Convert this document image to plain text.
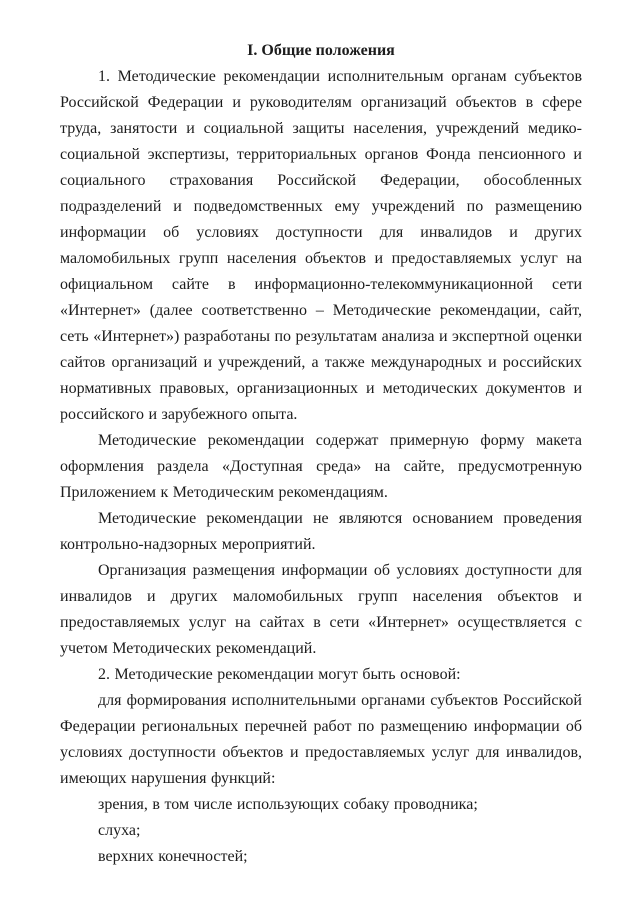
I. Общие положения

1. Методические рекомендации исполнительным органам субъектов Российской Федерации и руководителям организаций объектов в сфере труда, занятости и социальной защиты населения, учреждений медико-социальной экспертизы, территориальных органов Фонда пенсионного и социального страхования Российской Федерации, обособленных подразделений и подведомственных ему учреждений по размещению информации об условиях доступности для инвалидов и других маломобильных групп населения объектов и предоставляемых услуг на официальном сайте в информационно-телекоммуникационной сети «Интернет» (далее соответственно – Методические рекомендации, сайт, сеть «Интернет») разработаны по результатам анализа и экспертной оценки сайтов организаций и учреждений, а также международных и российских нормативных правовых, организационных и методических документов и российского и зарубежного опыта.

Методические рекомендации содержат примерную форму макета оформления раздела «Доступная среда» на сайте, предусмотренную Приложением к Методическим рекомендациям.

Методические рекомендации не являются основанием проведения контрольно-надзорных мероприятий.

Организация размещения информации об условиях доступности для инвалидов и других маломобильных групп населения объектов и предоставляемых услуг на сайтах в сети «Интернет» осуществляется с учетом Методических рекомендаций.

2. Методические рекомендации могут быть основой:

для формирования исполнительными органами субъектов Российской Федерации региональных перечней работ по размещению информации об условиях доступности объектов и предоставляемых услуг для инвалидов, имеющих нарушения функций:

зрения, в том числе использующих собаку проводника;

слуха;

верхних конечностей;
